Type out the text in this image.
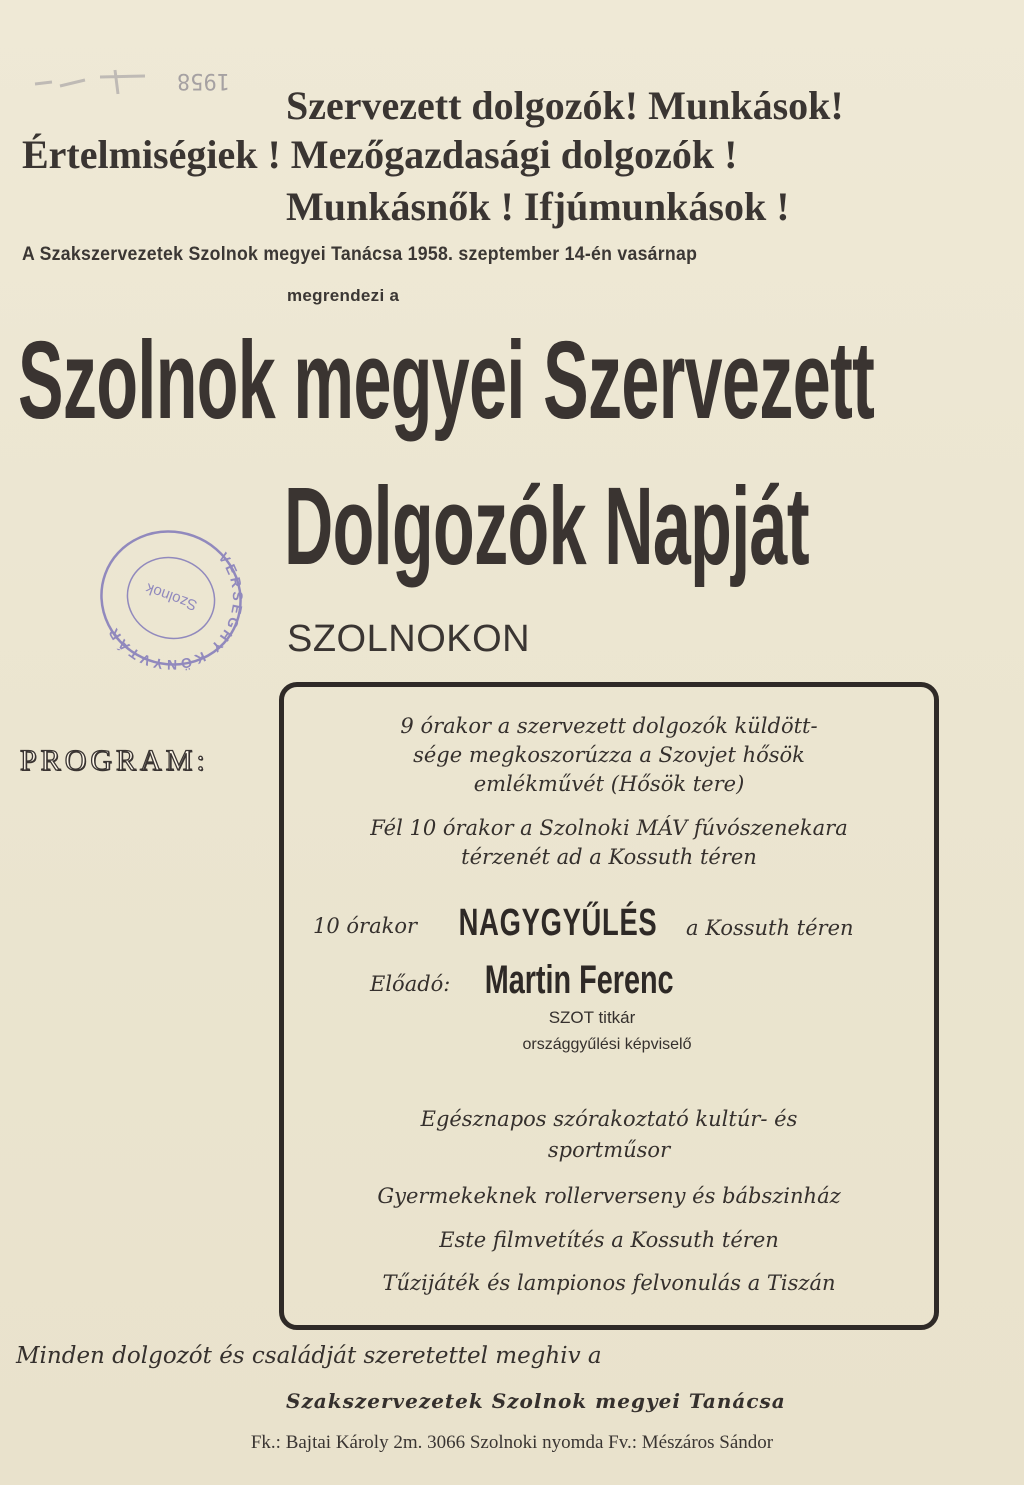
1958
Szervezett dolgozók! Munkások!
Értelmiségiek ! Mezőgazdasági dolgozók !
Munkásnők ! Ifjúmunkások !
A Szakszervezetek Szolnok megyei Tanácsa 1958. szeptember 14-én vasárnap
megrendezi a
Szolnok megyei Szervezett
Dolgozók Napját
SZOLNOKON
VERSEGHY KÖNYVTÁR
Szolnok
PROGRAM:
9 órakor a szervezett dolgozók küldött-
sége megkoszorúzza a Szovjet hősök
emlékművét (Hősök tere)
Fél 10 órakor a Szolnoki MÁV fúvószenekara
térzenét ad a Kossuth téren
10 órakor	NAGYGYŰLÉS	a Kossuth téren
Előadó: Martin Ferenc
SZOT titkár
országgyűlési képviselő
Egésznapos szórakoztató kultúr- és
sportműsor
Gyermekeknek rollerverseny és bábszinház
Este filmvetítés a Kossuth téren
Tűzijáték és lampionos felvonulás a Tiszán
Minden dolgozót és családját szeretettel meghiv a
Szakszervezetek Szolnok megyei Tanácsa
Fk.: Bajtai Károly 2m. 3066 Szolnoki nyomda Fv.: Mészáros Sándor
